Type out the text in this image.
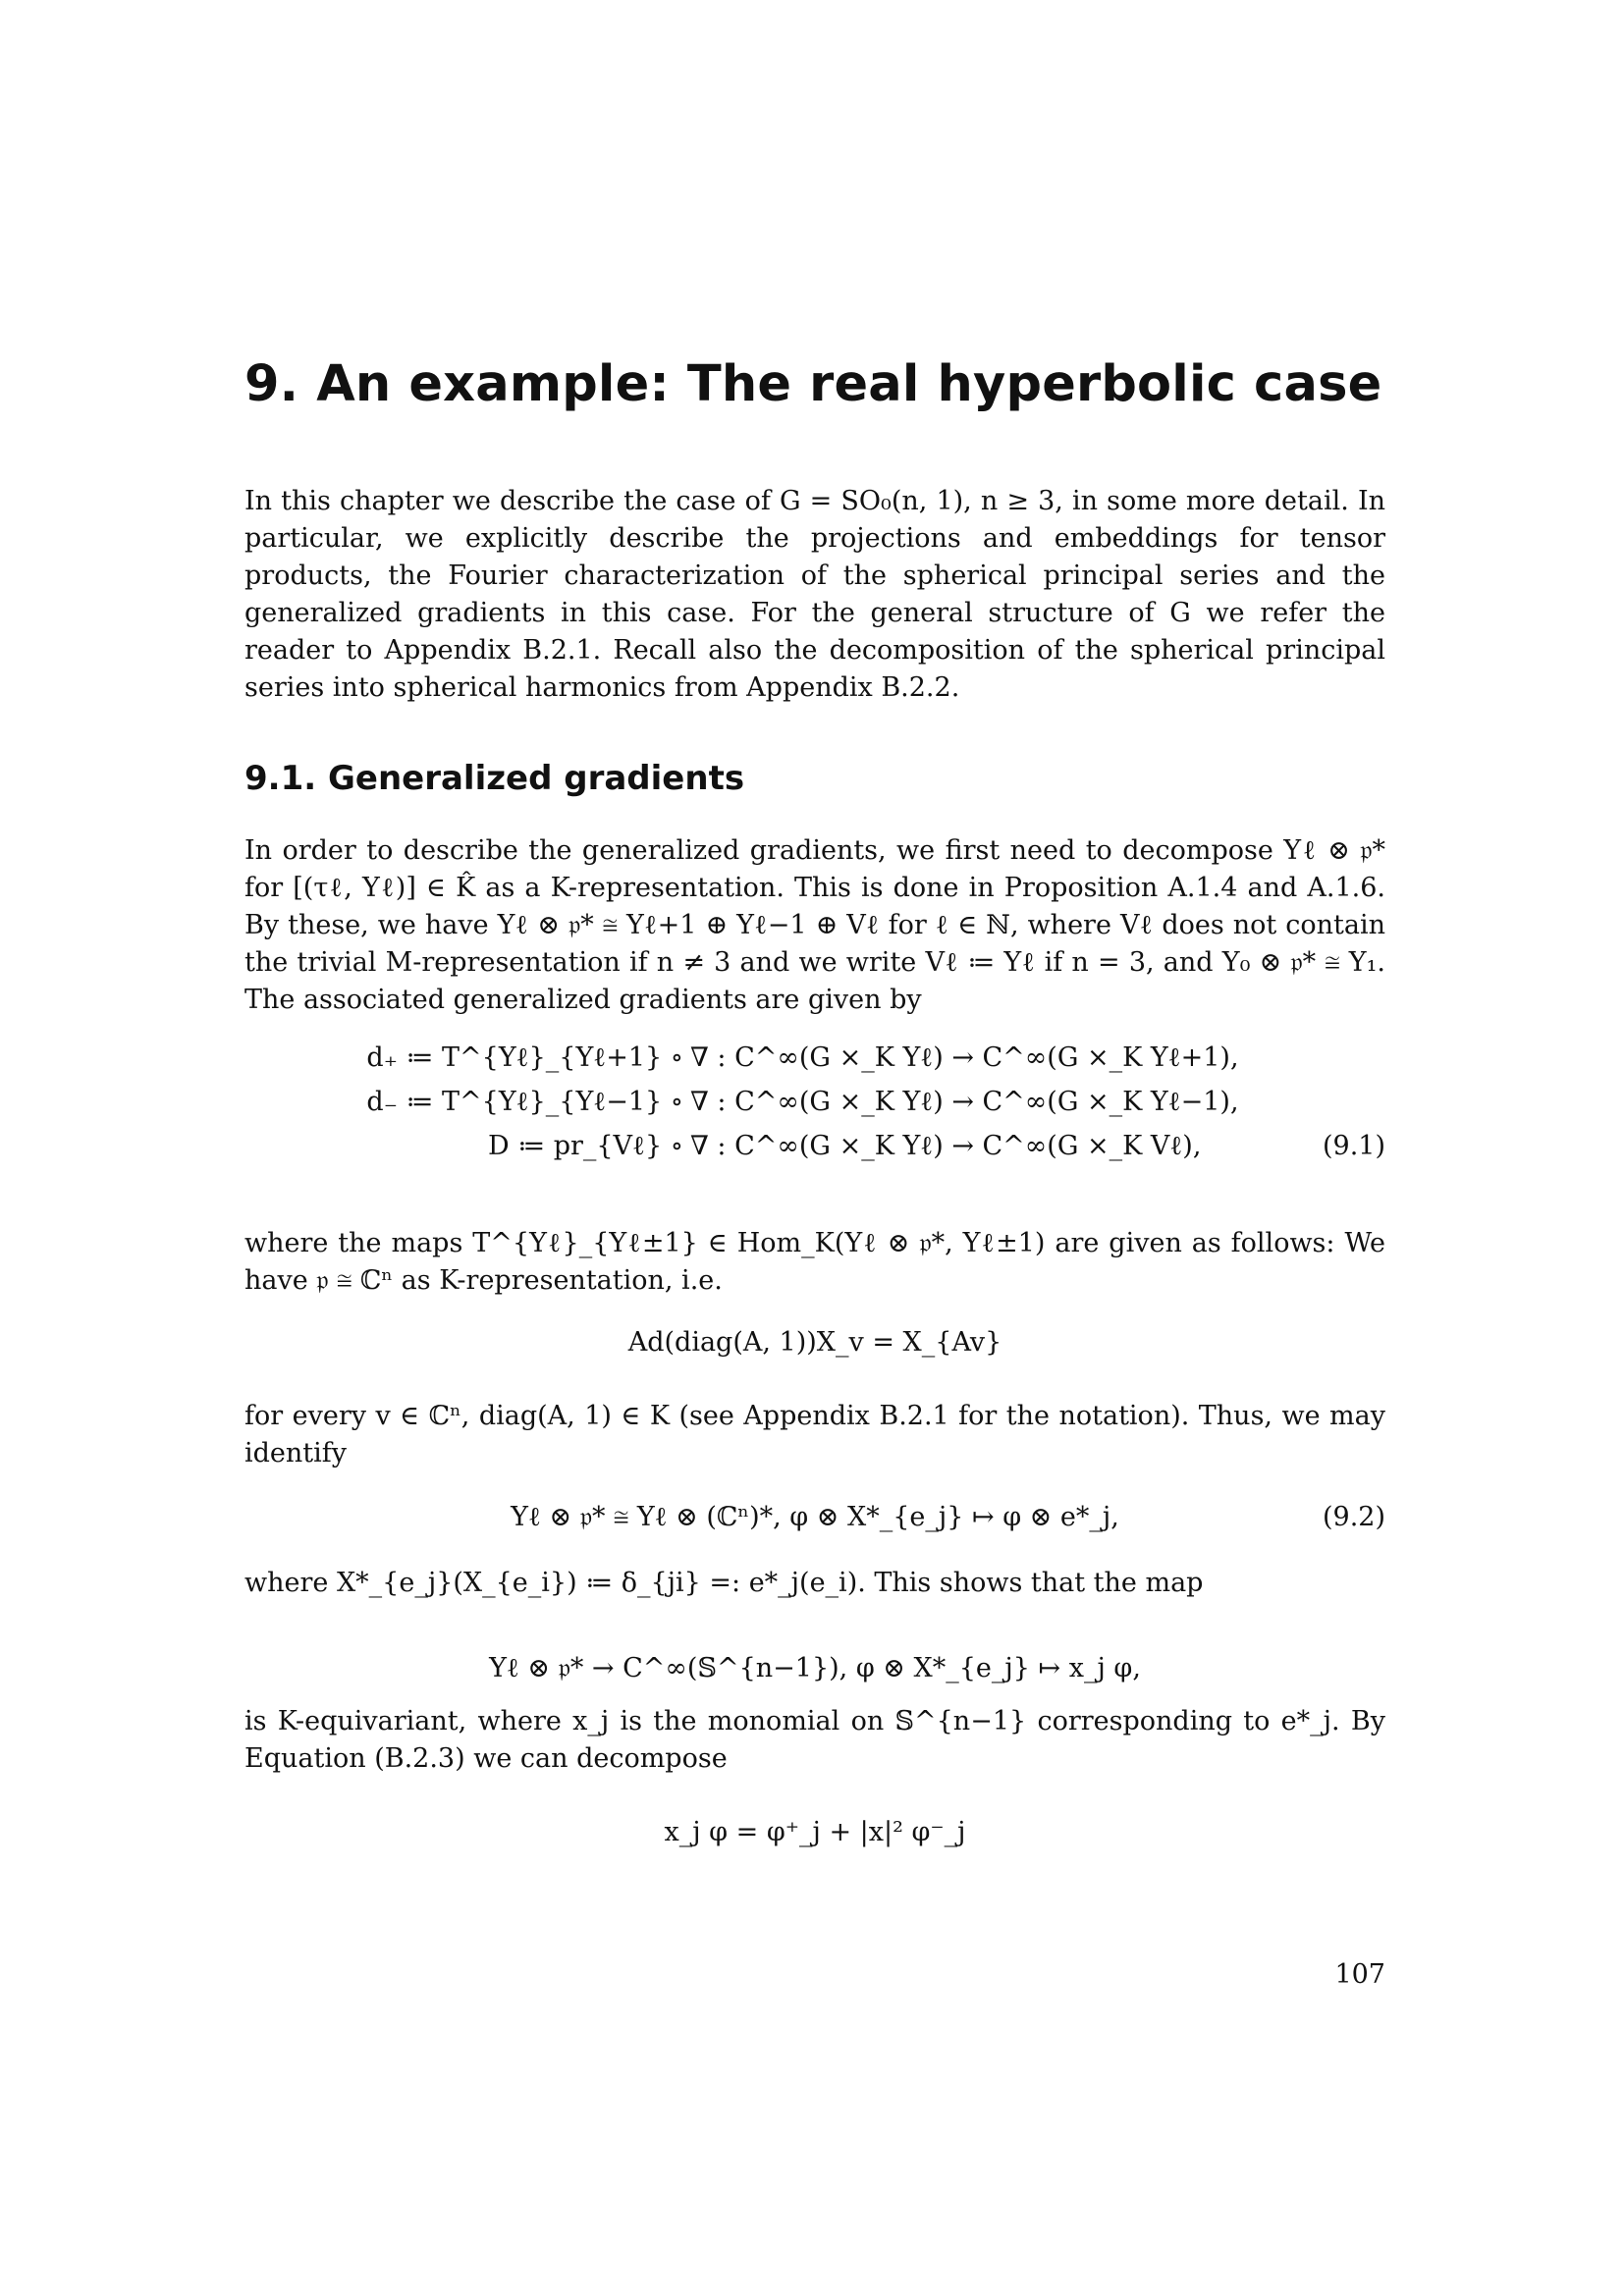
9. An example: The real hyperbolic case

In this chapter we describe the case of G = SO₀(n, 1), n ≥ 3, in some more detail. In particular, we explicitly describe the projections and embeddings for tensor products, the Fourier characterization of the spherical principal series and the generalized gradients in this case. For the general structure of G we refer the reader to Appendix B.2.1. Recall also the decomposition of the spherical principal series into spherical harmonics from Appendix B.2.2.

9.1. Generalized gradients

In order to describe the generalized gradients, we first need to decompose Yℓ ⊗ 𝔭* for [(τℓ, Yℓ)] ∈ K̂ as a K-representation. This is done in Proposition A.1.4 and A.1.6. By these, we have Yℓ ⊗ 𝔭* ≅ Yℓ+1 ⊕ Yℓ−1 ⊕ Vℓ for ℓ ∈ ℕ, where Vℓ does not contain the trivial M-representation if n ≠ 3 and we write Vℓ ≔ Yℓ if n = 3, and Y₀ ⊗ 𝔭* ≅ Y₁. The associated generalized gradients are given by

d₊ ≔ T^{Yℓ}_{Yℓ+1} ∘ ∇ : C^∞(G ×_K Yℓ) → C^∞(G ×_K Yℓ+1),
d₋ ≔ T^{Yℓ}_{Yℓ−1} ∘ ∇ : C^∞(G ×_K Yℓ) → C^∞(G ×_K Yℓ−1),
D ≔ pr_{Vℓ} ∘ ∇ : C^∞(G ×_K Yℓ) → C^∞(G ×_K Vℓ),	(9.1)

where the maps T^{Yℓ}_{Yℓ±1} ∈ Hom_K(Yℓ ⊗ 𝔭*, Yℓ±1) are given as follows: We have 𝔭 ≅ ℂⁿ as K-representation, i.e.

Ad(diag(A, 1))X_v = X_{Av}

for every v ∈ ℂⁿ, diag(A, 1) ∈ K (see Appendix B.2.1 for the notation). Thus, we may identify

Yℓ ⊗ 𝔭* ≅ Yℓ ⊗ (ℂⁿ)*, φ ⊗ X*_{e_j} ↦ φ ⊗ e*_j,	(9.2)

where X*_{e_j}(X_{e_i}) ≔ δ_{ji} =: e*_j(e_i). This shows that the map

Yℓ ⊗ 𝔭* → C^∞(𝕊^{n−1}), φ ⊗ X*_{e_j} ↦ x_j φ,

is K-equivariant, where x_j is the monomial on 𝕊^{n−1} corresponding to e*_j. By Equation (B.2.3) we can decompose

x_j φ = φ⁺_j + |x|² φ⁻_j

107
